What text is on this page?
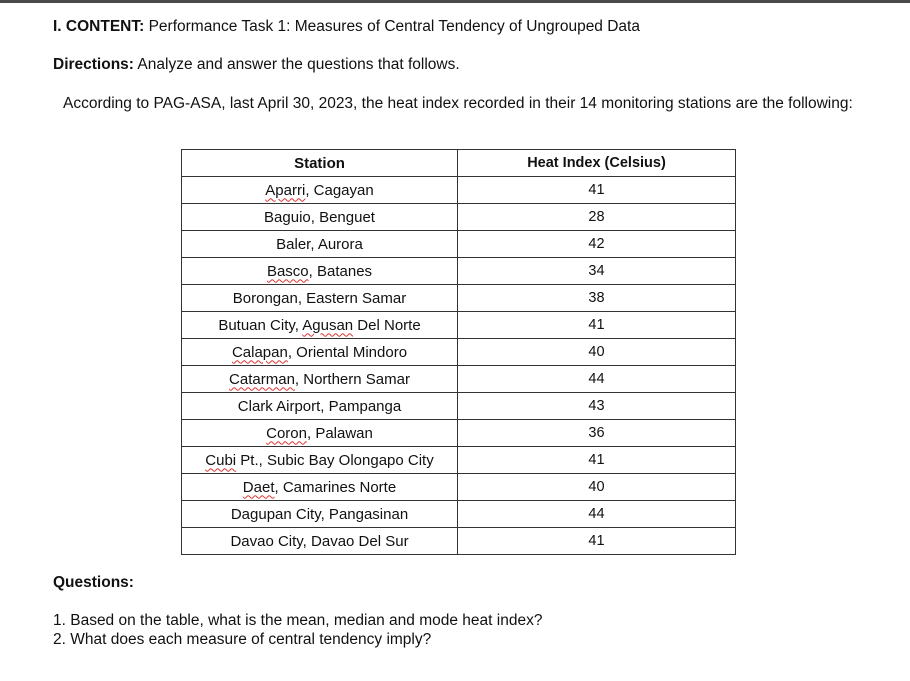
I. CONTENT: Performance Task 1: Measures of Central Tendency of Ungrouped Data
Directions: Analyze and answer the questions that follows.
According to PAG-ASA, last April 30, 2023, the heat index recorded in their 14 monitoring stations are the following:
Station	Heat Index (Celsius)
Aparri, Cagayan	41
Baguio, Benguet	28
Baler, Aurora	42
Basco, Batanes	34
Borongan, Eastern Samar	38
Butuan City, Agusan Del Norte	41
Calapan, Oriental Mindoro	40
Catarman, Northern Samar	44
Clark Airport, Pampanga	43
Coron, Palawan	36
Cubi Pt., Subic Bay Olongapo City	41
Daet, Camarines Norte	40
Dagupan City, Pangasinan	44
Davao City, Davao Del Sur	41
Questions:
1. Based on the table, what is the mean, median and mode heat index?
2. What does each measure of central tendency imply?
